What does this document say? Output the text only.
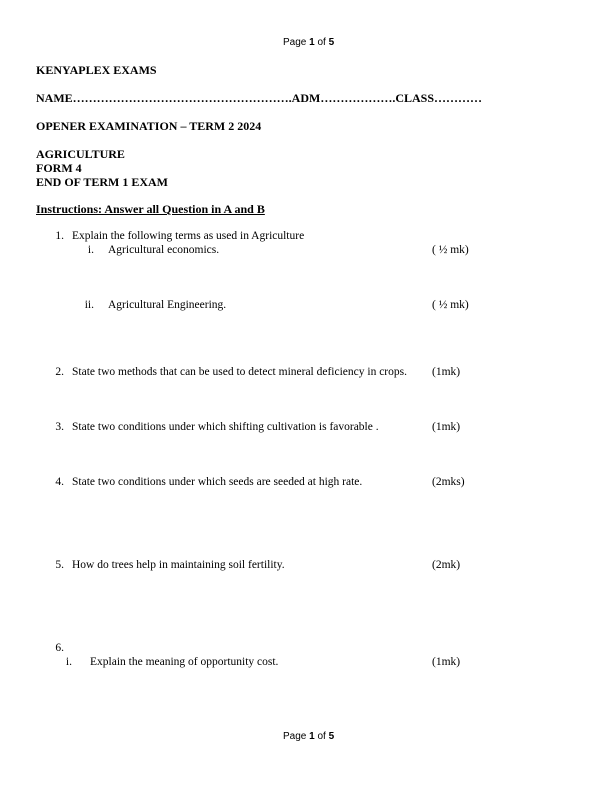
Page 1 of 5
KENYAPLEX EXAMS
NAME……………………………………………….ADM……………….CLASS…………
OPENER EXAMINATION – TERM 2 2024
AGRICULTURE
FORM 4
END OF TERM 1 EXAM
Instructions: Answer all Question in A and B
1. Explain the following terms as used in Agriculture
i. Agricultural economics.	( ½ mk)
ii. Agricultural Engineering.	( ½ mk)
2. State two methods that can be used to detect mineral deficiency in crops. (1mk)
3. State two conditions under which shifting cultivation is favorable .	(1mk)
4. State two conditions under which seeds are seeded at high rate.	(2mks)
5. How do trees help in maintaining soil fertility.	(2mk)
6.
i. Explain the meaning of opportunity cost.	(1mk)
Page 1 of 5
